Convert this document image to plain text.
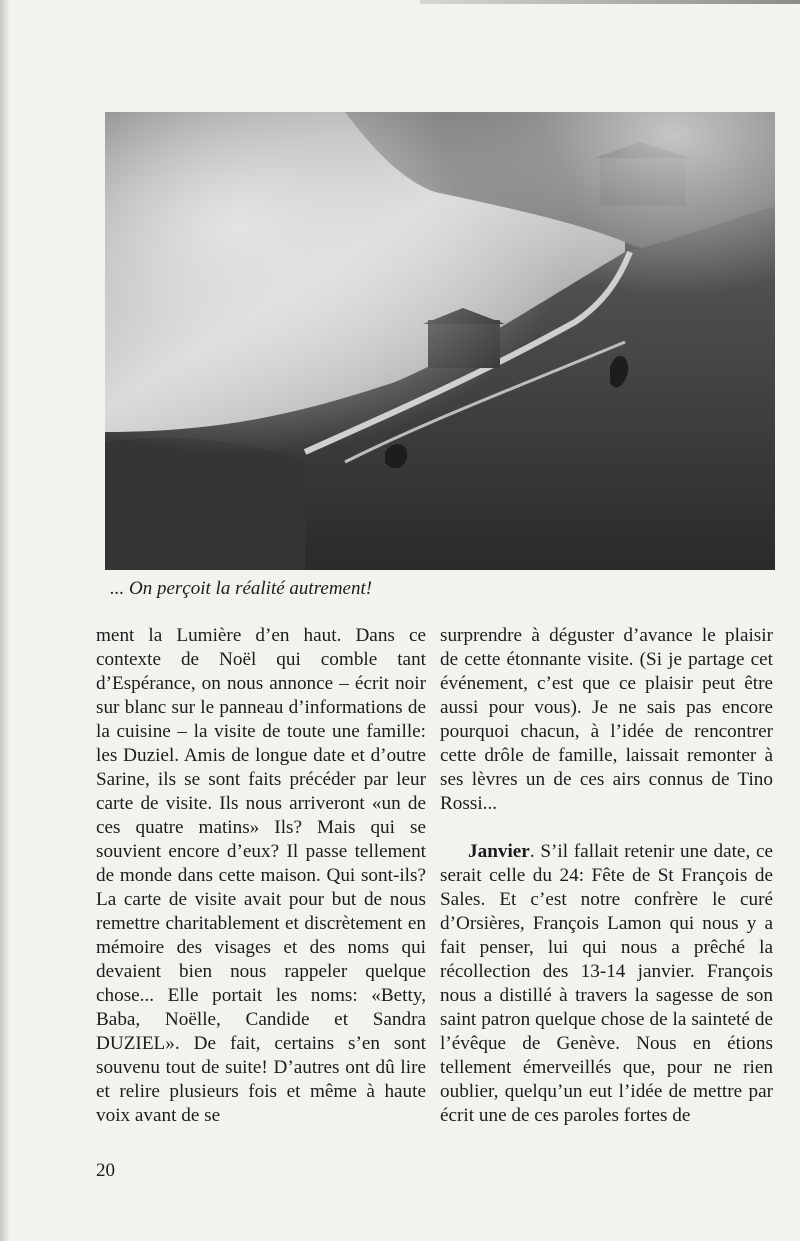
... On perçoit la réalité autrement!

ment la Lumière d’en haut. Dans ce contexte de Noël qui comble tant d’Espérance, on nous annonce – écrit noir sur blanc sur le panneau d’informations de la cuisine – la visite de toute une famille: les Duziel. Amis de longue date et d’outre Sarine, ils se sont faits précéder par leur carte de visite. Ils nous arriveront «un de ces quatre matins» Ils? Mais qui se souvient encore d’eux? Il passe tellement de monde dans cette maison. Qui sont-ils? La carte de visite avait pour but de nous remettre charitablement et discrètement en mémoire des visages et des noms qui devaient bien nous rappeler quelque chose... Elle portait les noms: «Betty, Baba, Noëlle, Candide et Sandra DUZIEL». De fait, certains s’en sont souvenu tout de suite! D’autres ont dû lire et relire plusieurs fois et même à haute voix avant de se

surprendre à déguster d’avance le plaisir de cette étonnante visite. (Si je partage cet événement, c’est que ce plaisir peut être aussi pour vous). Je ne sais pas encore pourquoi chacun, à l’idée de rencontrer cette drôle de famille, laissait remonter à ses lèvres un de ces airs connus de Tino Rossi...

Janvier. S’il fallait retenir une date, ce serait celle du 24: Fête de St François de Sales. Et c’est notre confrère le curé d’Orsières, François Lamon qui nous y a fait penser, lui qui nous a prêché la récollection des 13-14 janvier. François nous a distillé à travers la sagesse de son saint patron quelque chose de la sainteté de l’évêque de Genève. Nous en étions tellement émerveillés que, pour ne rien oublier, quelqu’un eut l’idée de mettre par écrit une de ces paroles fortes de

20
